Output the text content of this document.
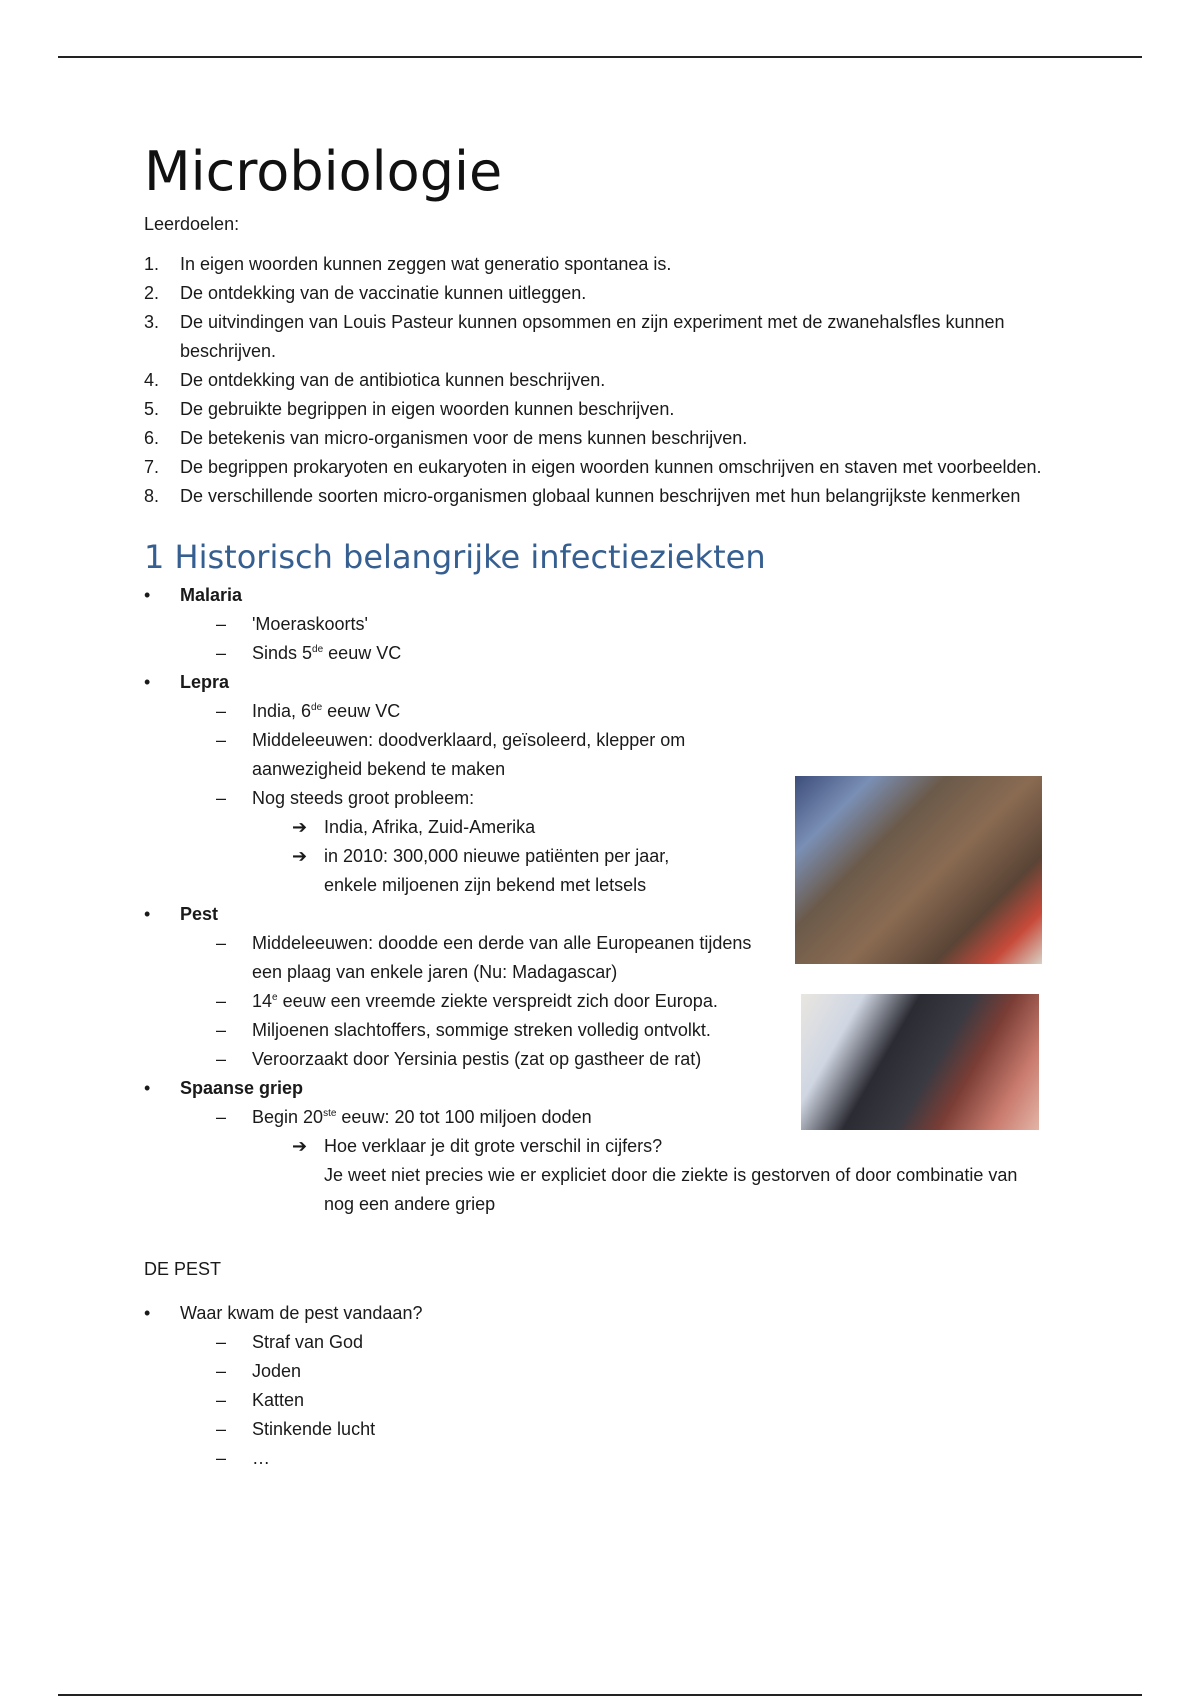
Microbiologie
Leerdoelen:
1. In eigen woorden kunnen zeggen wat generatio spontanea is.
2. De ontdekking van de vaccinatie kunnen uitleggen.
3. De uitvindingen van Louis Pasteur kunnen opsommen en zijn experiment met de zwanehalsfles kunnen beschrijven.
4. De ontdekking van de antibiotica kunnen beschrijven.
5. De gebruikte begrippen in eigen woorden kunnen beschrijven.
6. De betekenis van micro-organismen voor de mens kunnen beschrijven.
7. De begrippen prokaryoten en eukaryoten in eigen woorden kunnen omschrijven en staven met voorbeelden.
8. De verschillende soorten micro-organismen globaal kunnen beschrijven met hun belangrijkste kenmerken
1 Historisch belangrijke infectieziekten
• Malaria
– 'Moeraskoorts'
– Sinds 5de eeuw VC
• Lepra
– India, 6de eeuw VC
– Middeleeuwen: doodverklaard, geïsoleerd, klepper om aanwezigheid bekend te maken
– Nog steeds groot probleem:
➔ India, Afrika, Zuid-Amerika
➔ in 2010: 300,000 nieuwe patiënten per jaar, enkele miljoenen zijn bekend met letsels
• Pest
– Middeleeuwen: doodde een derde van alle Europeanen tijdens een plaag van enkele jaren (Nu: Madagascar)
– 14e eeuw een vreemde ziekte verspreidt zich door Europa.
– Miljoenen slachtoffers, sommige streken volledig ontvolkt.
– Veroorzaakt door Yersinia pestis (zat op gastheer de rat)
• Spaanse griep
– Begin 20ste eeuw: 20 tot 100 miljoen doden
➔ Hoe verklaar je dit grote verschil in cijfers?
Je weet niet precies wie er expliciet door die ziekte is gestorven of door combinatie van nog een andere griep
DE PEST
• Waar kwam de pest vandaan?
– Straf van God
– Joden
– Katten
– Stinkende lucht
– …
